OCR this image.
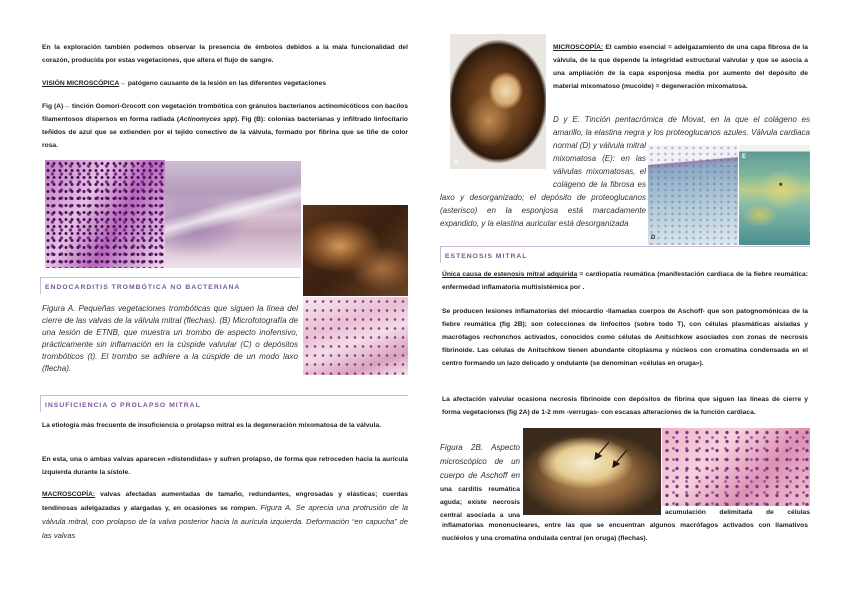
En la exploración también podemos observar la presencia de émbolos debidos a la mala funcionalidad del corazón, producida por estas vegetaciones, que altera el flujo de sangre.
VISIÓN MICROSCÓPICA→ patógeno causante de la lesión en las diferentes vegetaciones
Fig (A)→ tinción Gomori-Grocott con vegetación trombótica con gránulos bacterianos actinomicóticos con bacilos filamentosos dispersos en forma radiada (Actinomyces spp). Fig (B): colonias bacterianas y infiltrado linfocitario teñidos de azul que se extienden por el tejido conectivo de la válvula, formado por fibrina que se tiñe de color rosa.
ENDOCARDITIS TROMBÓTICA NO BACTERIANA
Figura A. Pequeñas vegetaciones trombóticas que siguen la línea del cierre de las valvas de la válvula mitral (flechas). (B) Microfotografía de una lesión de ETNB, que muestra un trombo de aspecto inofensivo, prácticamente sin inflamación en la cúspide valvular (C) o depósitos trombóticos (t). El trombo se adhiere a la cúspide de un modo laxo (flecha).
INSUFICIENCIA O PROLAPSO MITRAL
La etiología más frecuente de insuficiencia o prolapso mitral es la degeneración mixomatosa de la válvula.
En esta, una o ambas valvas aparecen «distendidas» y sufren prolapso, de forma que retroceden hacia la aurícula izquierda durante la sístole.
MACROSCOPÍA: valvas afectadas aumentadas de tamaño, redundantes, engrosadas y elásticas; cuerdas tendinosas adelgazadas y alargadas y, en ocasiones se rompen. Figura A. Se aprecia una protrusión de la válvula mitral, con prolapso de la valva posterior hacia la aurícula izquierda. Deformación “en capucha” de las valvas
A
MICROSCOPÍA: El cambio esencial = adelgazamiento de una capa fibrosa de la válvula, de la que depende la integridad estructural valvular y que se asocia a una ampliación de la capa esponjosa media por aumento del depósito de material mixomatoso (mucoide) = degeneración mixomatosa.
D y E. Tinción pentacrómica de Movat, en la que el colágeno es amarillo, la elastina negra y los proteoglucanos azules. Válvula cardiaca normal (D) y válvula mitral mixomatosa (E): en las válvulas mixomatosas, el colágeno de la fibrosa es laxo y desorganizado; el depósito de proteoglucanos (asterisco) en la esponjosa está marcadamente expandido, y la elastina auricular está desorganizada
D
E
*
ESTENOSIS MITRAL
Única causa de estenosis mitral adquirida = cardiopatía reumática (manifestación cardiaca de la fiebre reumática: enfermedad inflamatoria multisistémica por .
Se producen lesiones inflamatorias del miocardio -llamadas cuerpos de Aschoff- que son patognomónicas de la fiebre reumática (fig 2B); son colecciones de linfocitos (sobre todo T), con células plasmáticas aisladas y macrófagos rechonchos activados, conocidos como células de Anitschkow asociados con zonas de necrosis fibrinoide. Las células de Anitschkow tienen abundante citoplasma y núcleos con cromatina condensada en el centro formando un lazo delicado y ondulante (se denominan «células en oruga»).
La afectación valvular ocasiona necrosis fibrinoide con depósitos de fibrina que siguen las líneas de cierre y forma vegetaciones (fig 2A) de 1-2 mm -verrugas- con escasas alteraciones de la función cardiaca.
Figura 2B. Aspecto microscópico de un cuerpo de Aschoff en una carditis reumática aguda; existe necrosis central asociada a una	acumulación delimitada de células
inflamatorias mononucleares, entre las que se encuentran algunos macrófagos activados con llamativos nucléolos y una cromatina ondulada central (en oruga) (flechas).
